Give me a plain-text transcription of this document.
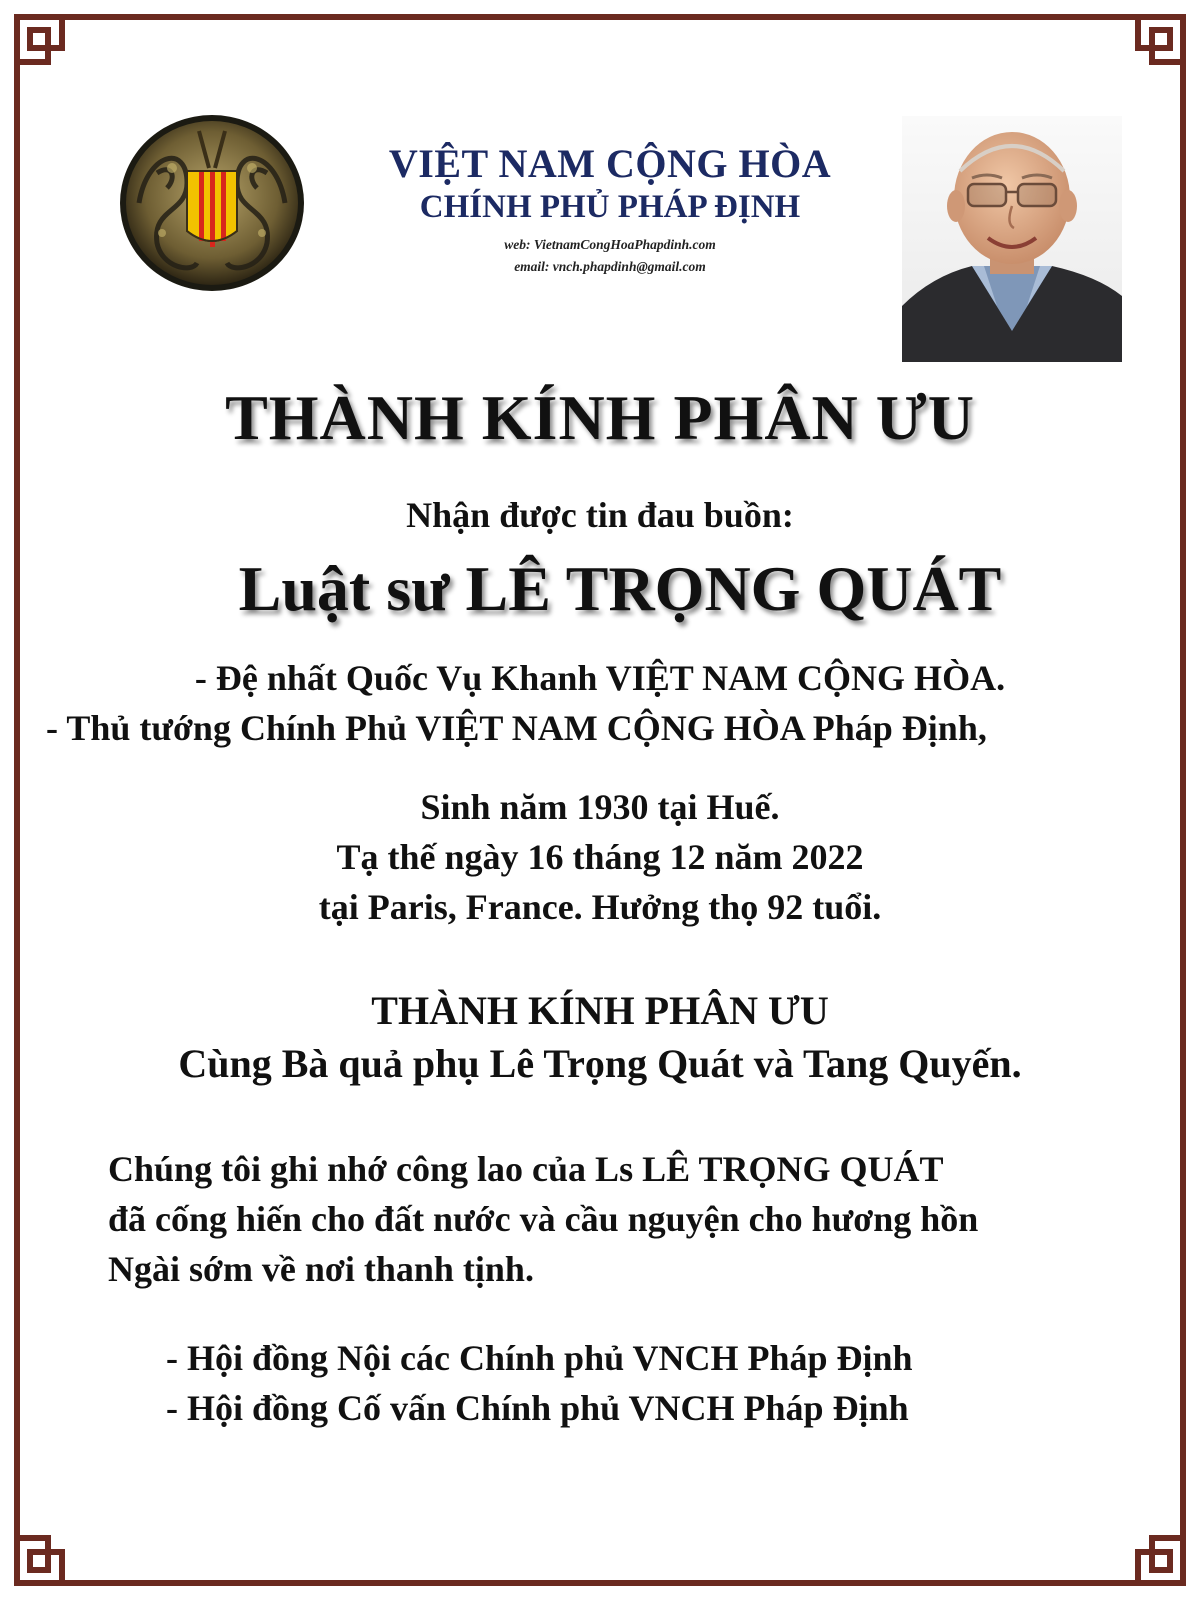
VIỆT NAM CỘNG HÒA
CHÍNH PHỦ PHÁP ĐỊNH
web: VietnamCongHoaPhapdinh.com
email: vnch.phapdinh@gmail.com
THÀNH KÍNH PHÂN ƯU
Nhận được tin đau buồn:
Luật sư LÊ TRỌNG QUÁT
- Đệ nhất Quốc Vụ Khanh VIỆT NAM CỘNG HÒA.
- Thủ tướng Chính Phủ VIỆT NAM CỘNG HÒA Pháp Định,
Sinh năm 1930 tại Huế.
Tạ thế ngày 16 tháng 12 năm 2022
tại Paris, France. Hưởng thọ 92 tuổi.
THÀNH KÍNH PHÂN ƯU
Cùng Bà quả phụ Lê Trọng Quát và Tang Quyến.
Chúng tôi ghi nhớ công lao của Ls LÊ TRỌNG QUÁT
đã cống hiến cho đất nước và cầu nguyện cho hương hồn
Ngài sớm về nơi thanh tịnh.
- Hội đồng Nội các Chính phủ VNCH Pháp Định
- Hội đồng Cố vấn Chính phủ VNCH Pháp Định
